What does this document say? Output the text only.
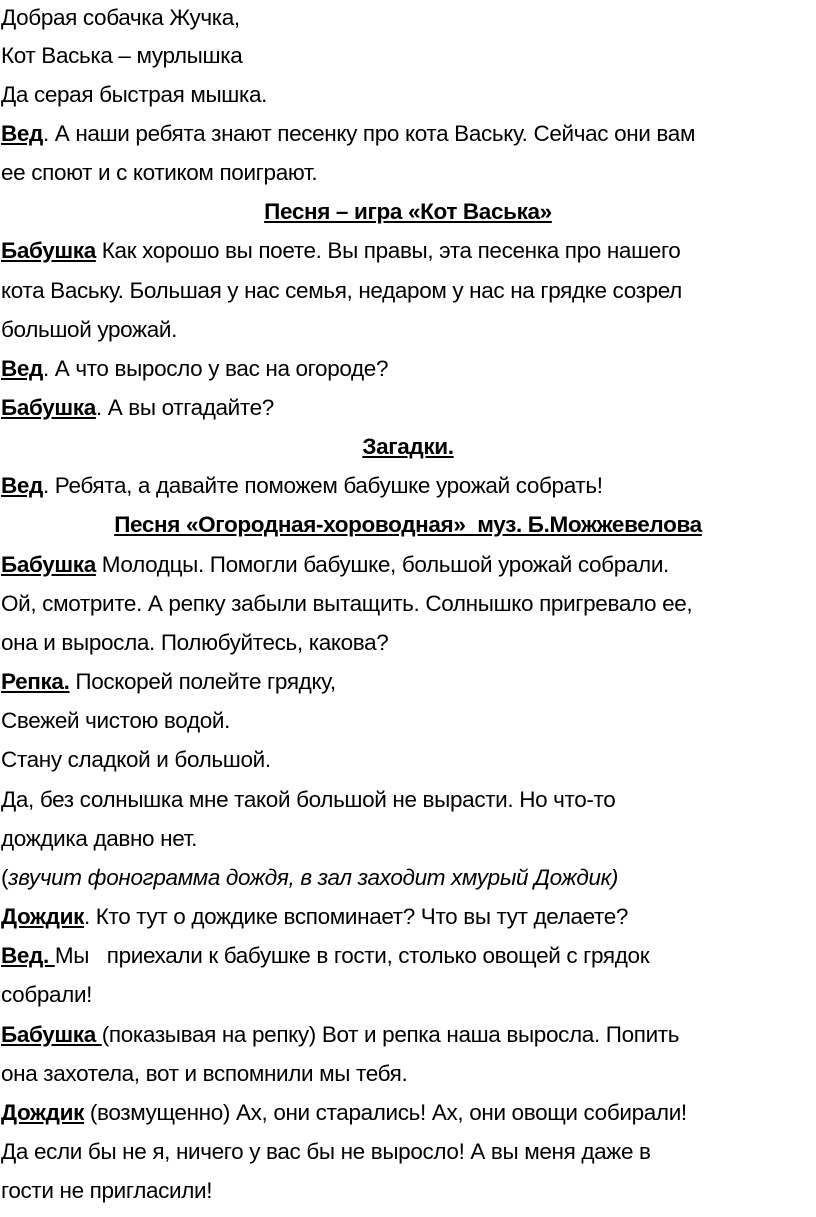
Добрая собачка Жучка,
Кот Васька – мурлышка
Да серая быстрая мышка.
Вед. А наши ребята знают песенку про кота Ваську. Сейчас они вам
ее споют и с котиком поиграют.
Песня – игра «Кот Васька»
Бабушка Как хорошо вы поете. Вы правы, эта песенка про нашего
кота Ваську. Большая у нас семья, недаром у нас на грядке созрел
большой урожай.
Вед. А что выросло у вас на огороде?
Бабушка. А вы отгадайте?
Загадки.
Вед. Ребята, а давайте поможем бабушке урожай собрать!
Песня «Огородная-хороводная»  муз. Б.Можжевелова
Бабушка Молодцы. Помогли бабушке, большой урожай собрали.
Ой, смотрите. А репку забыли вытащить. Солнышко пригревало ее,
она и выросла. Полюбуйтесь, какова?
Репка. Поскорей полейте грядку,
Свежей чистою водой.
Стану сладкой и большой.
Да, без солнышка мне такой большой не вырасти. Но что-то
дождика давно нет.
(звучит фонограмма дождя, в зал заходит хмурый Дождик)
Дождик. Кто тут о дождике вспоминает? Что вы тут делаете?
Вед. Мы   приехали к бабушке в гости, столько овощей с грядок
собрали!
Бабушка (показывая на репку) Вот и репка наша выросла. Попить
она захотела, вот и вспомнили мы тебя.
Дождик (возмущенно) Ах, они старались! Ах, они овощи собирали!
Да если бы не я, ничего у вас бы не выросло! А вы меня даже в
гости не пригласили!
